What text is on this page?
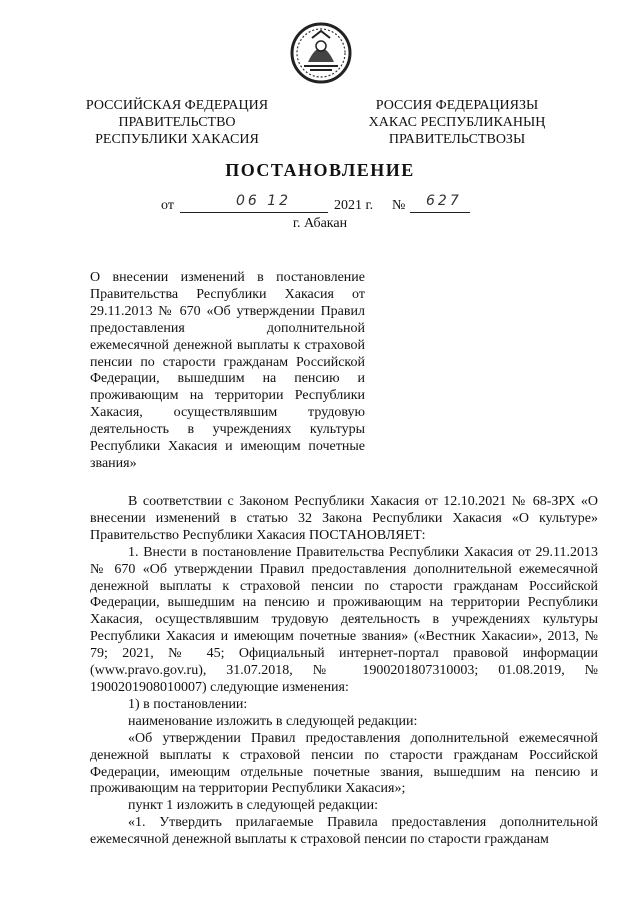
РОССИЙСКАЯ ФЕДЕРАЦИЯ
ПРАВИТЕЛЬСТВО
РЕСПУБЛИКИ ХАКАСИЯ
РОССИЯ ФЕДЕРАЦИЯЗЫ
ХАКАС РЕСПУБЛИКАНЫҢ
ПРАВИТЕЛЬСТВОЗЫ
ПОСТАНОВЛЕНИЕ
от	06 12	2021 г. № 627
г. Абакан
О внесении изменений в постановление Правительства Республики Хакасия от 29.11.2013 № 670 «Об утверждении Правил предоставления дополнительной ежемесячной денежной выплаты к страховой пенсии по старости гражданам Российской Федерации, вышедшим на пенсию и проживающим на территории Республики Хакасия, осуществлявшим трудовую деятельность в учреждениях культуры Республики Хакасия и имеющим почетные звания»

В соответствии с Законом Республики Хакасия от 12.10.2021 № 68-ЗРХ «О внесении изменений в статью 32 Закона Республики Хакасия «О культуре» Правительство Республики Хакасия ПОСТАНОВЛЯЕТ:

1. Внести в постановление Правительства Республики Хакасия от 29.11.2013 № 670 «Об утверждении Правил предоставления дополнительной ежемесячной денежной выплаты к страховой пенсии по старости гражданам Российской Федерации, вышедшим на пенсию и проживающим на территории Республики Хакасия, осуществлявшим трудовую деятельность в учреждениях культуры Республики Хакасия и имеющим почетные звания» («Вестник Хакасии», 2013, № 79; 2021, № 45; Официальный интернет-портал правовой информации (www.pravo.gov.ru), 31.07.2018, № 1900201807310003; 01.08.2019, № 1900201908010007) следующие изменения:

1) в постановлении:

наименование изложить в следующей редакции:

«Об утверждении Правил предоставления дополнительной ежемесячной денежной выплаты к страховой пенсии по старости гражданам Российской Федерации, имеющим отдельные почетные звания, вышедшим на пенсию и проживающим на территории Республики Хакасия»;

пункт 1 изложить в следующей редакции:

«1. Утвердить прилагаемые Правила предоставления дополнительной ежемесячной денежной выплаты к страховой пенсии по старости гражданам
